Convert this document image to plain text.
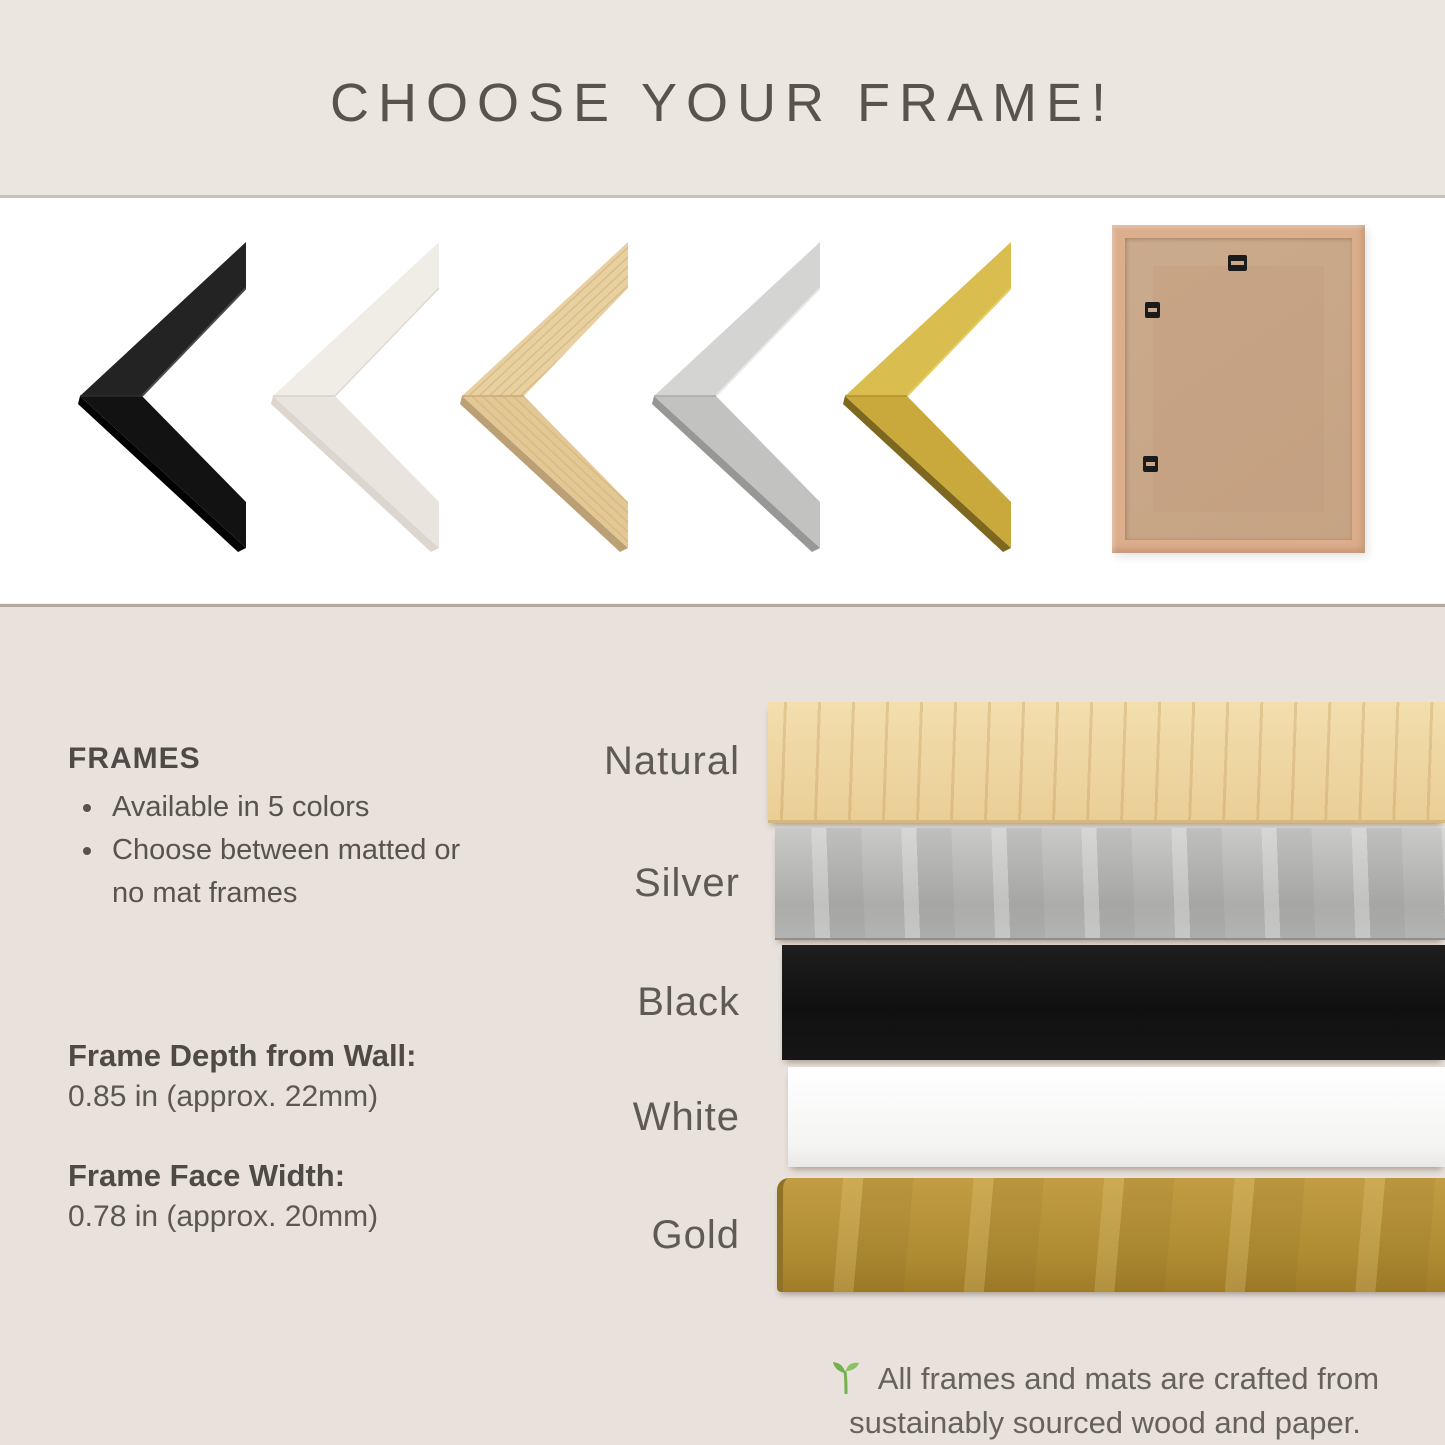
CHOOSE YOUR FRAME!
FRAMES
• Available in 5 colors
• Choose between matted or no mat frames

Frame Depth from Wall:

0.85 in (approx. 22mm)

Frame Face Width:

0.78 in (approx. 20mm)

Natural
Silver
Black
White
Gold

All frames and mats are crafted from
sustainably sourced wood and paper.
